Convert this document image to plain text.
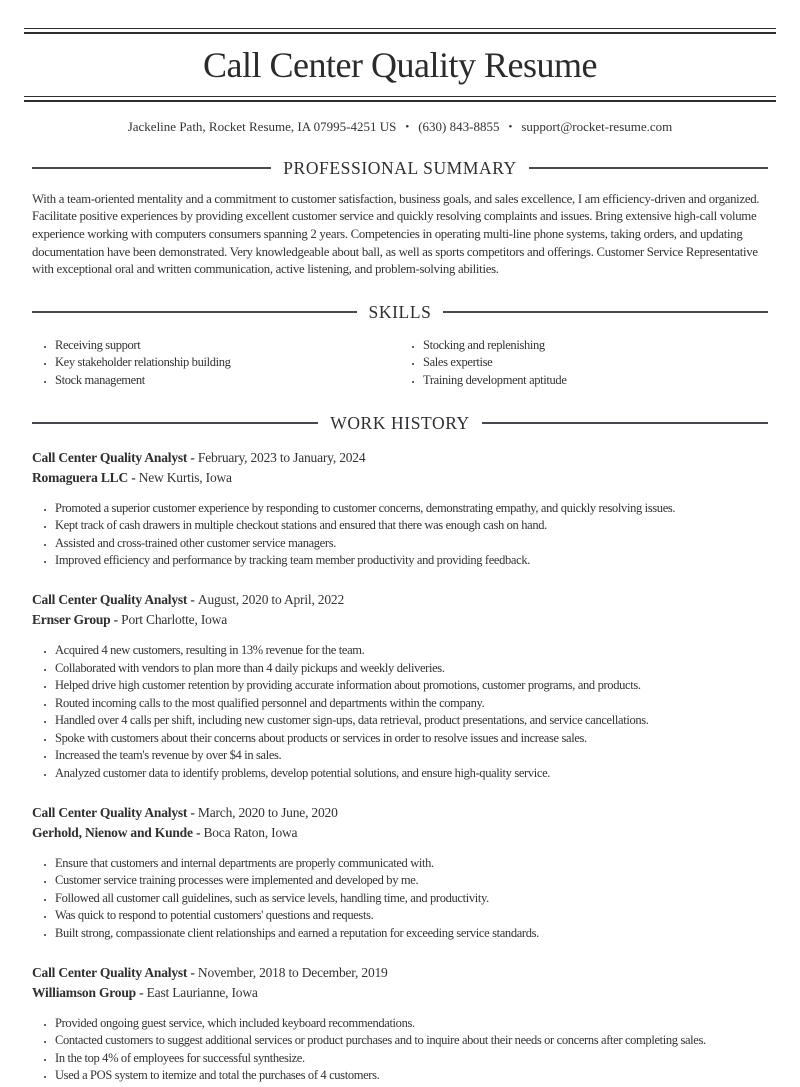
Call Center Quality Resume
Jackeline Path, Rocket Resume, IA 07995-4251 US • (630) 843-8855 • support@rocket-resume.com
PROFESSIONAL SUMMARY
With a team-oriented mentality and a commitment to customer satisfaction, business goals, and sales excellence, I am efficiency-driven and organized. Facilitate positive experiences by providing excellent customer service and quickly resolving complaints and issues. Bring extensive high-call volume experience working with computers consumers spanning 2 years. Competencies in operating multi-line phone systems, taking orders, and updating documentation have been demonstrated. Very knowledgeable about ball, as well as sports competitors and offerings. Customer Service Representative with exceptional oral and written communication, active listening, and problem-solving abilities.
SKILLS
• Receiving support
• Key stakeholder relationship building
• Stock management
• Stocking and replenishing
• Sales expertise
• Training development aptitude
WORK HISTORY
Call Center Quality Analyst - February, 2023 to January, 2024
Romaguera LLC - New Kurtis, Iowa
• Promoted a superior customer experience by responding to customer concerns, demonstrating empathy, and quickly resolving issues.
• Kept track of cash drawers in multiple checkout stations and ensured that there was enough cash on hand.
• Assisted and cross-trained other customer service managers.
• Improved efficiency and performance by tracking team member productivity and providing feedback.
Call Center Quality Analyst - August, 2020 to April, 2022
Ernser Group - Port Charlotte, Iowa
• Acquired 4 new customers, resulting in 13% revenue for the team.
• Collaborated with vendors to plan more than 4 daily pickups and weekly deliveries.
• Helped drive high customer retention by providing accurate information about promotions, customer programs, and products.
• Routed incoming calls to the most qualified personnel and departments within the company.
• Handled over 4 calls per shift, including new customer sign-ups, data retrieval, product presentations, and service cancellations.
• Spoke with customers about their concerns about products or services in order to resolve issues and increase sales.
• Increased the team's revenue by over $4 in sales.
• Analyzed customer data to identify problems, develop potential solutions, and ensure high-quality service.
Call Center Quality Analyst - March, 2020 to June, 2020
Gerhold, Nienow and Kunde - Boca Raton, Iowa
• Ensure that customers and internal departments are properly communicated with.
• Customer service training processes were implemented and developed by me.
• Followed all customer call guidelines, such as service levels, handling time, and productivity.
• Was quick to respond to potential customers' questions and requests.
• Built strong, compassionate client relationships and earned a reputation for exceeding service standards.
Call Center Quality Analyst - November, 2018 to December, 2019
Williamson Group - East Laurianne, Iowa
• Provided ongoing guest service, which included keyboard recommendations.
• Contacted customers to suggest additional services or product purchases and to inquire about their needs or concerns after completing sales.
• In the top 4% of employees for successful synthesize.
• Used a POS system to itemize and total the purchases of 4 customers.
